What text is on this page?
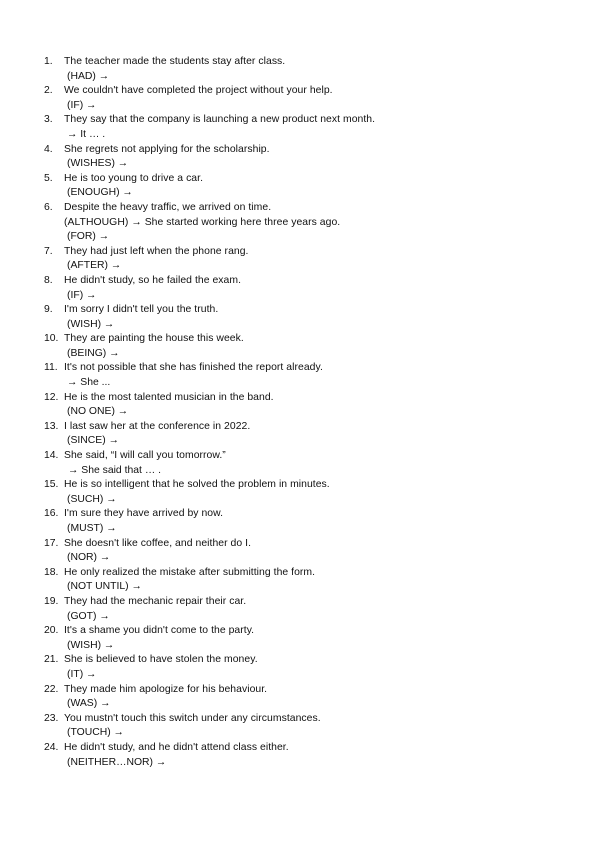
1.	The teacher made the students stay after class.
(HAD) →
2.	We couldn't have completed the project without your help.
(IF) →
3.	They say that the company is launching a new product next month.
→ It … .
4.	She regrets not applying for the scholarship.
(WISHES) →
5.	He is too young to drive a car.
(ENOUGH) →
6.	Despite the heavy traffic, we arrived on time.
(ALTHOUGH) → She started working here three years ago.
(FOR) →
7.	They had just left when the phone rang.
(AFTER) →
8.	He didn't study, so he failed the exam.
(IF) →
9.	I'm sorry I didn't tell you the truth.
(WISH) →
10. They are painting the house this week.
(BEING) →
11. It's not possible that she has finished the report already.
→ She ...
12. He is the most talented musician in the band.
(NO ONE) →
13. I last saw her at the conference in 2022.
(SINCE) →
14. She said, “I will call you tomorrow.”
→ She said that … .
15. He is so intelligent that he solved the problem in minutes.
(SUCH) →
16. I'm sure they have arrived by now.
(MUST) →
17. She doesn't like coffee, and neither do I.
(NOR) →
18. He only realized the mistake after submitting the form.
(NOT UNTIL) →
19. They had the mechanic repair their car.
(GOT) →
20. It's a shame you didn't come to the party.
(WISH) →
21. She is believed to have stolen the money.
(IT) →
22. They made him apologize for his behaviour.
(WAS) →
23. You mustn't touch this switch under any circumstances.
(TOUCH) →
24. He didn't study, and he didn't attend class either.
(NEITHER…NOR) →
